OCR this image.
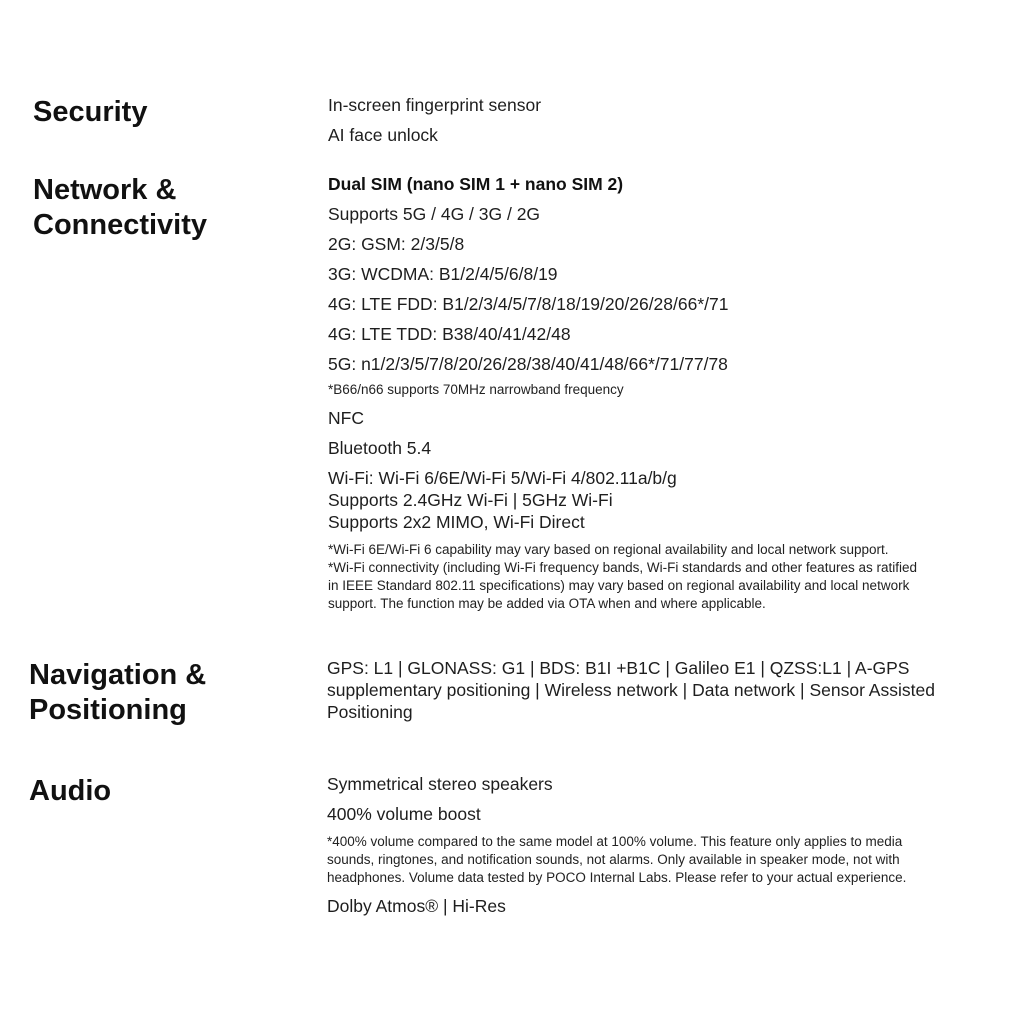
Security	In-screen fingerprint sensor

AI face unlock

Network &
Connectivity

Dual SIM (nano SIM 1 + nano SIM 2)

Supports 5G / 4G / 3G / 2G

2G: GSM: 2/3/5/8

3G: WCDMA: B1/2/4/5/6/8/19

4G: LTE FDD: B1/2/3/4/5/7/8/18/19/20/26/28/66*/71

4G: LTE TDD: B38/40/41/42/48

5G: n1/2/3/5/7/8/20/26/28/38/40/41/48/66*/71/77/78

*B66/n66 supports 70MHz narrowband frequency

NFC

Bluetooth 5.4

Wi-Fi: Wi-Fi 6/6E/Wi-Fi 5/Wi-Fi 4/802.11a/b/g
Supports 2.4GHz Wi-Fi | 5GHz Wi-Fi
Supports 2x2 MIMO, Wi-Fi Direct
*Wi-Fi 6E/Wi-Fi 6 capability may vary based on regional availability and local network support.
*Wi-Fi connectivity (including Wi-Fi frequency bands, Wi-Fi standards and other features as ratified
in IEEE Standard 802.11 specifications) may vary based on regional availability and local network
support. The function may be added via OTA when and where applicable.
Navigation &
Positioning
GPS: L1 | GLONASS: G1 | BDS: B1I +B1C | Galileo E1 | QZSS:L1 | A-GPS
supplementary positioning | Wireless network | Data network | Sensor Assisted
Positioning
Audio	Symmetrical stereo speakers

400% volume boost

*400% volume compared to the same model at 100% volume. This feature only applies to media
sounds, ringtones, and notification sounds, not alarms. Only available in speaker mode, not with
headphones. Volume data tested by POCO Internal Labs. Please refer to your actual experience.

Dolby Atmos® | Hi-Res
